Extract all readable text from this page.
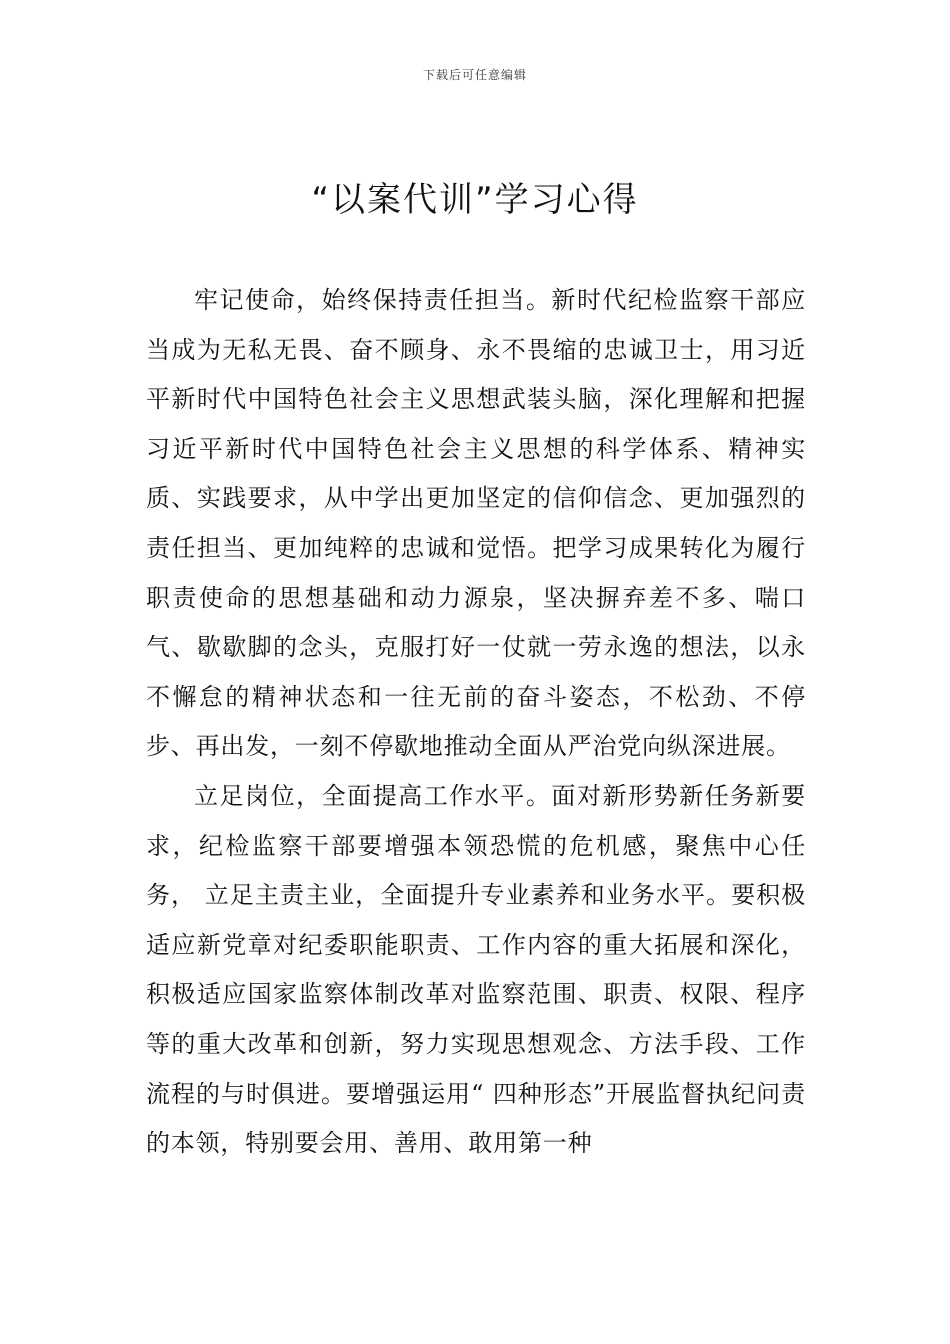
下载后可任意编辑
“以案代训”学习心得

牢记使命，始终保持责任担当。新时代纪检监察干部应当成为无私无畏、奋不顾身、永不畏缩的忠诚卫士，用习近平新时代中国特色社会主义思想武装头脑，深化理解和把握习近平新时代中国特色社会主义思想的科学体系、精神实质、实践要求，从中学出更加坚定的信仰信念、更加强烈的责任担当、更加纯粹的忠诚和觉悟。把学习成果转化为履行职责使命的思想基础和动力源泉，坚决摒弃差不多、喘口气、歇歇脚的念头，克服打好一仗就一劳永逸的想法，以永不懈怠的精神状态和一往无前的奋斗姿态，不松劲、不停步、再出发，一刻不停歇地推动全面从严治党向纵深进展。

立足岗位，全面提高工作水平。面对新形势新任务新要求，纪检监察干部要增强本领恐慌的危机感，聚焦中心任务， 立足主责主业，全面提升专业素养和业务水平。要积极适应新党章对纪委职能职责、工作内容的重大拓展和深化，积极适应国家监察体制改革对监察范围、职责、权限、程序等的重大改革和创新，努力实现思想观念、方法手段、工作流程的与时俱进。要增强运用“ 四种形态”开展监督执纪问责的本领，特别要会用、善用、敢用第一种
